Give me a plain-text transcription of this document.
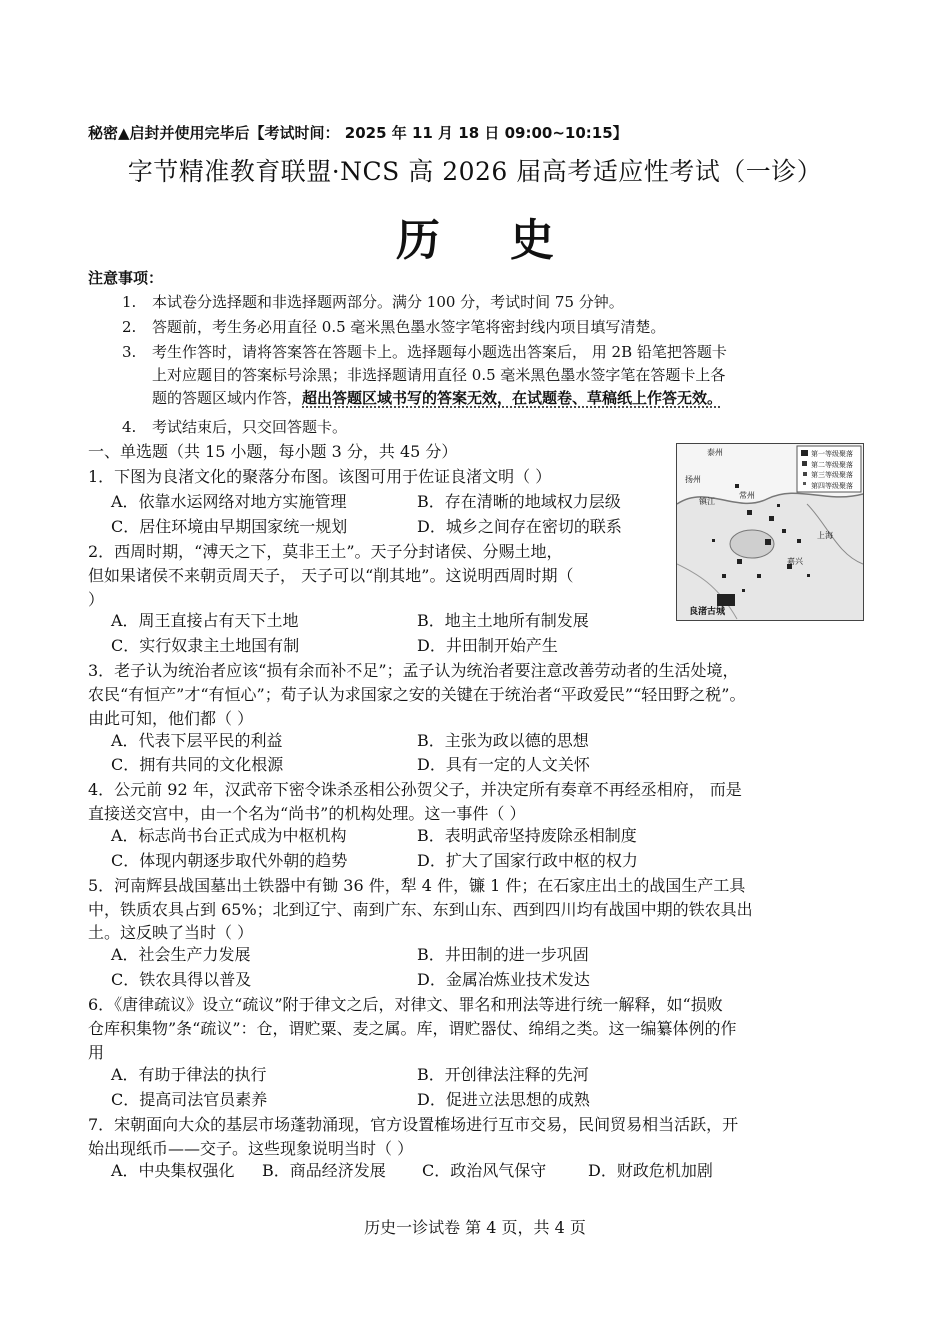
秘密▲启封并使用完毕后【考试时间： 2025 年 11 月 18 日 09:00~10:15】
字节精准教育联盟·NCS 高 2026 届高考适应性考试（一诊）
历史
注意事项：
1. 本试卷分选择题和非选择题两部分。满分 100 分，考试时间 75 分钟。
2. 答题前，考生务必用直径 0.5 毫米黑色墨水签字笔将密封线内项目填写清楚。
3. 考生作答时，请将答案答在答题卡上。选择题每小题选出答案后， 用 2B 铅笔把答题卡
上对应题目的答案标号涂黑；非选择题请用直径 0.5 毫米黑色墨水签字笔在答题卡上各
题的答题区域内作答，超出答题区域书写的答案无效，在试题卷、草稿纸上作答无效。
4. 考试结束后，只交回答题卡。
一、单选题（共 15 小题，每小题 3 分，共 45 分）	第一等级聚落
第二等级聚落
第三等级聚落
第四等级聚落
泰州
扬州
镇江
常州
上海
嘉兴
良渚古城
1．下图为良渚文化的聚落分布图。该图可用于佐证良渚文明（ ）
A．依靠水运网络对地方实施管理	B．存在清晰的地域权力层级
C．居住环境由早期国家统一规划	D．城乡之间存在密切的联系
2．西周时期，“溥天之下，莫非王土”。天子分封诸侯、分赐土地，
但如果诸侯不来朝贡周天子， 天子可以“削其地”。这说明西周时期（
）
A．周王直接占有天下土地	B．地主土地所有制发展
C．实行奴隶主土地国有制	D．井田制开始产生
3．老子认为统治者应该“损有余而补不足”；孟子认为统治者要注意改善劳动者的生活处境，
农民“有恒产”才“有恒心”；荀子认为求国家之安的关键在于统治者“平政爱民”“轻田野之税”。
由此可知，他们都（ ）
A．代表下层平民的利益	B．主张为政以德的思想
C．拥有共同的文化根源	D．具有一定的人文关怀
4．公元前 92 年，汉武帝下密令诛杀丞相公孙贺父子，并决定所有奏章不再经丞相府， 而是
直接送交宫中，由一个名为“尚书”的机构处理。这一事件（ ）
A．标志尚书台正式成为中枢机构	B．表明武帝坚持废除丞相制度
C．体现内朝逐步取代外朝的趋势	D．扩大了国家行政中枢的权力
5．河南辉县战国墓出土铁器中有锄 36 件，犁 4 件，镰 1 件；在石家庄出土的战国生产工具
中，铁质农具占到 65%；北到辽宁、南到广东、东到山东、西到四川均有战国中期的铁农具出
土。这反映了当时（ ）
A．社会生产力发展	B．井田制的进一步巩固
C．铁农具得以普及	D．金属冶炼业技术发达
6．《唐律疏议》设立“疏议”附于律文之后，对律文、罪名和刑法等进行统一解释，如“损败
仓库积集物”条“疏议”：仓，谓贮粟、麦之属。库，谓贮器仗、绵绢之类。这一编纂体例的作
用
A．有助于律法的执行	B．开创律法注释的先河
C．提高司法官员素养	D．促进立法思想的成熟
7．宋朝面向大众的基层市场蓬勃涌现，官方设置榷场进行互市交易，民间贸易相当活跃，开
始出现纸币——交子。这些现象说明当时（ ）
A．中央集权强化 B．商品经济发展 C．政治风气保守	D．财政危机加剧
历史一诊试卷 第 4 页，共 4 页
